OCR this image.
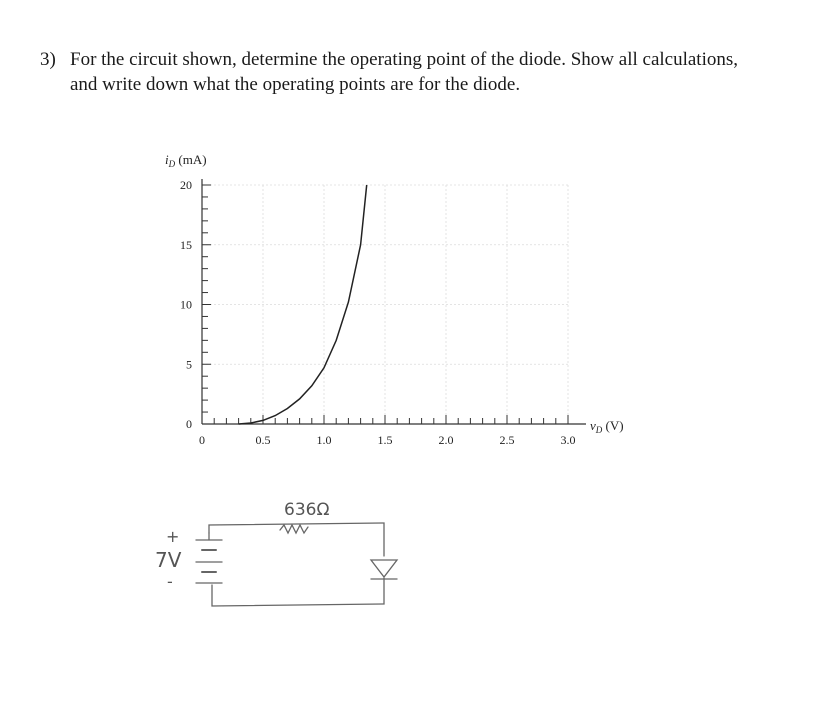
3) For the circuit shown, determine the operating point of the diode. Show all calculations,
and write down what the operating points are for the diode.
0
5
10
15
20
0	0.5	1.0	1.5	2.0	2.5	3.0
$i_D$ (mA)
$v_D$ (V)
636Ω
7V
+
-
